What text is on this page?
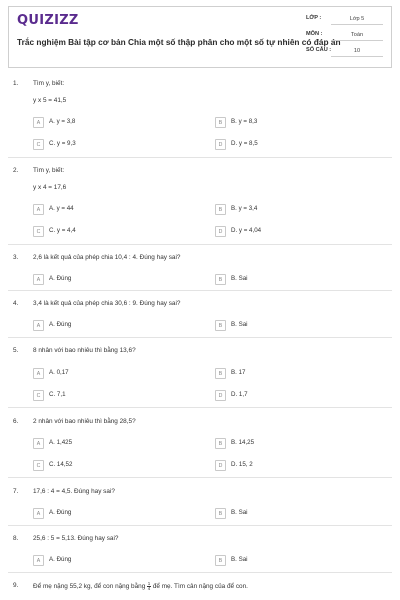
QUIZIZZ
Trắc nghiệm Bài tập cơ bản Chia một số thập phân cho một số tự nhiên có đáp án
LỚP :	Lớp 5
MÔN :	Toán
SỐ CÂU :	10
1. Tìm y, biết:
y x 5 = 41,5
A	A. y = 3,8	B	B. y = 8,3
C	C. y = 9,3	D	D. y = 8,5
2. Tìm y, biết:
y x 4 = 17,6
A	A. y = 44	B	B. y = 3,4
C	C. y = 4,4	D	D. y = 4,04
3. 2,6 là kết quả của phép chia 10,4 : 4. Đúng hay sai?
A	A. Đúng	B	B. Sai
4. 3,4 là kết quả của phép chia 30,6 : 9. Đúng hay sai?
A	A. Đúng	B	B. Sai
5. 8 nhân với bao nhiêu thì bằng 13,6?
A	A. 0,17	B	B. 17
C	C. 7,1	D	D. 1,7
6. 2 nhân với bao nhiêu thì bằng 28,5?
A	A. 1,425	B	B. 14,25
C	C. 14,52	D	D. 15, 2
7. 17,6 : 4 = 4,5. Đúng hay sai?
A	A. Đúng	B	B. Sai
8. 25,6 : 5 = 5,13. Đúng hay sai?
A	A. Đúng	B	B. Sai
9. Để mẹ nặng 55,2 kg, để con nặng bằng $\frac{1}{4}$ để mẹ. Tìm cân nặng của để con.
